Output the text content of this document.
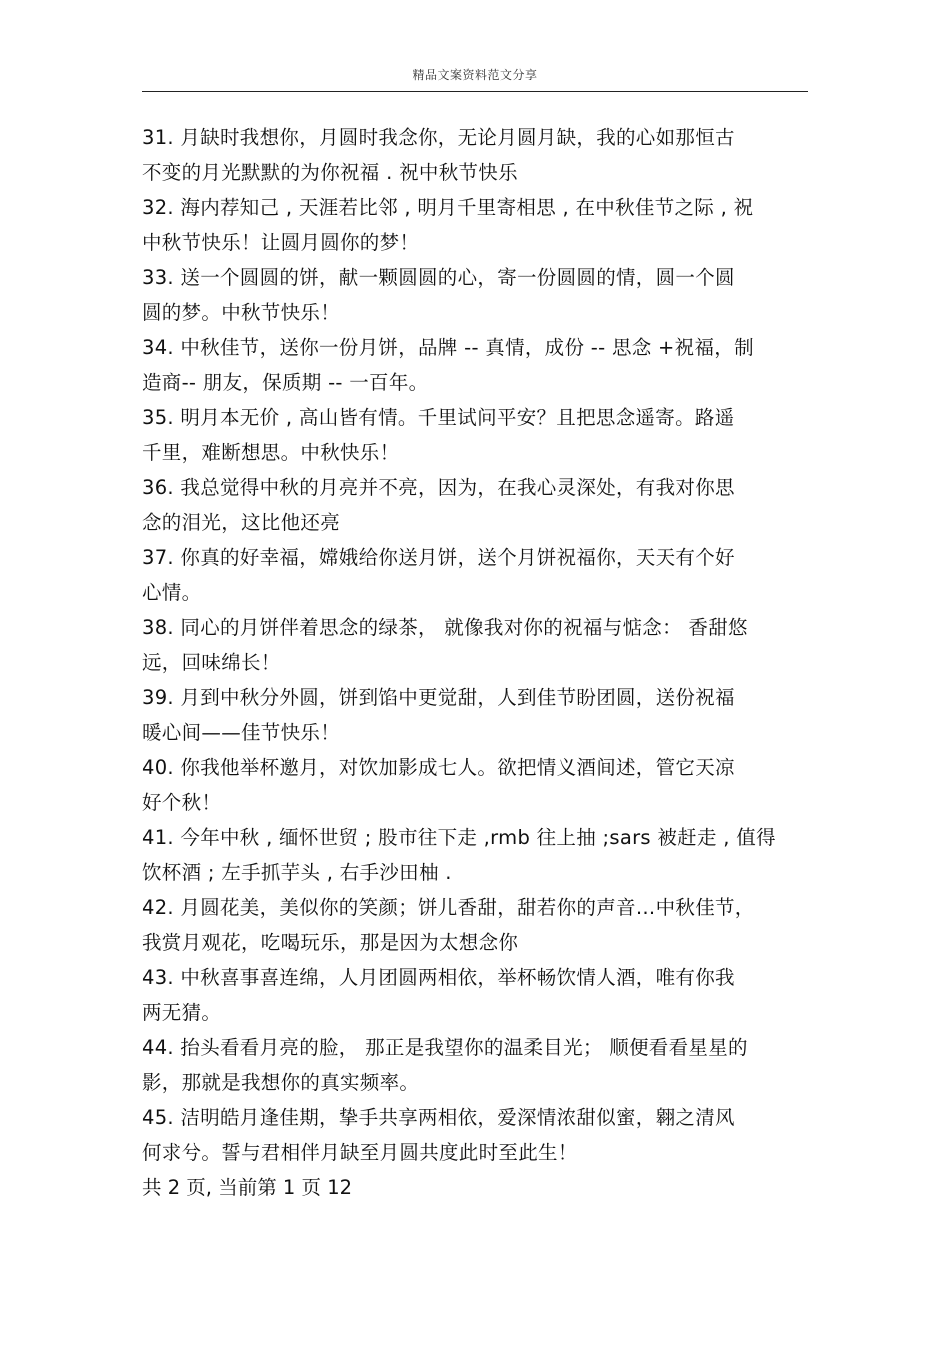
精品文案资料范文分享
31. 月缺时我想你，月圆时我念你，无论月圆月缺，我的心如那恒古
不变的月光默默的为你祝福 . 祝中秋节快乐
32. 海内荐知己 , 天涯若比邻 , 明月千里寄相思 , 在中秋佳节之际 , 祝
中秋节快乐！让圆月圆你的梦！
33. 送一个圆圆的饼，献一颗圆圆的心，寄一份圆圆的情，圆一个圆
圆的梦。中秋节快乐！
34. 中秋佳节，送你一份月饼，品牌 -- 真情，成份 -- 思念 +祝福，制
造商-- 朋友，保质期 -- 一百年。
35. 明月本无价 , 高山皆有情。千里试问平安？且把思念遥寄。路遥
千里，难断想思。中秋快乐！
36. 我总觉得中秋的月亮并不亮，因为，在我心灵深处，有我对你思
念的泪光，这比他还亮
37. 你真的好幸福，嫦娥给你送月饼，送个月饼祝福你，天天有个好
心情。
38. 同心的月饼伴着思念的绿茶， 就像我对你的祝福与惦念： 香甜悠
远，回味绵长！
39. 月到中秋分外圆，饼到馅中更觉甜，人到佳节盼团圆，送份祝福
暖心间——佳节快乐！
40. 你我他举杯邀月，对饮加影成七人。欲把情义酒间述，管它天凉
好个秋！
41. 今年中秋 , 缅怀世贸 ; 股市往下走 ,rmb 往上抽 ;sars 被赶走 , 值得
饮杯酒 ; 左手抓芋头 , 右手沙田柚 .
42. 月圆花美，美似你的笑颜；饼儿香甜，甜若你的声音…中秋佳节，
我赏月观花，吃喝玩乐，那是因为太想念你
43. 中秋喜事喜连绵，人月团圆两相依，举杯畅饮情人酒，唯有你我
两无猜。
44. 抬头看看月亮的脸， 那正是我望你的温柔目光； 顺便看看星星的
影，那就是我想你的真实频率。
45. 洁明皓月逢佳期，挚手共享两相依，爱深情浓甜似蜜，翱之清风
何求兮。誓与君相伴月缺至月圆共度此时至此生！
共 2 页, 当前第 1 页 12
